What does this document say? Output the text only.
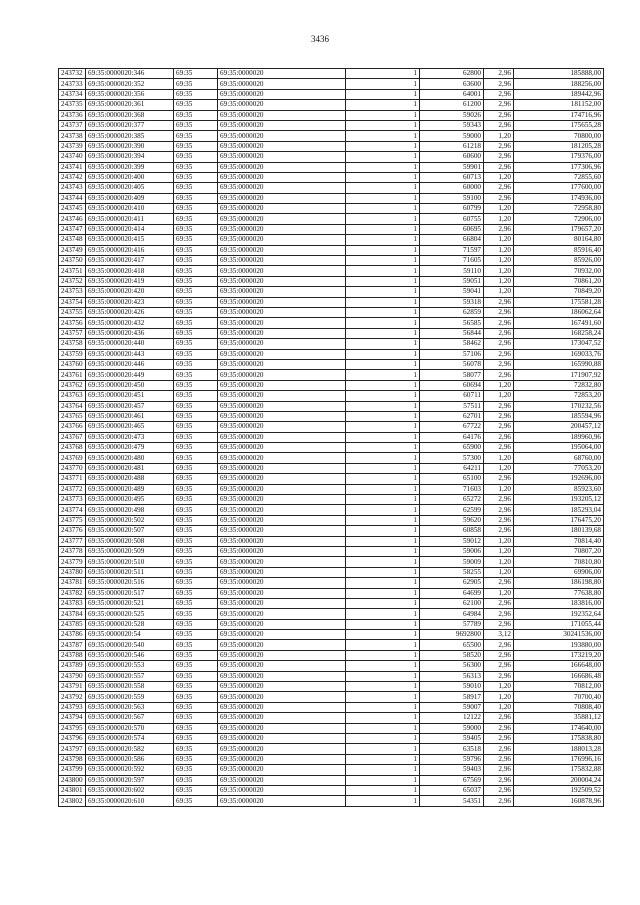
3436
243732	69:35:0000020:346	69:35	69:35:0000020	1	62800	2,96	185888,00
243733	69:35:0000020:352	69:35	69:35:0000020	1	63600	2,96	188256,00
243734	69:35:0000020:356	69:35	69:35:0000020	1	64001	2,96	189442,96
243735	69:35:0000020:361	69:35	69:35:0000020	1	61200	2,96	181152,00
243736	69:35:0000020:368	69:35	69:35:0000020	1	59026	2,96	174716,96
243737	69:35:0000020:377	69:35	69:35:0000020	1	59343	2,96	175655,28
243738	69:35:0000020:385	69:35	69:35:0000020	1	59000	1,20	70800,00
243739	69:35:0000020:390	69:35	69:35:0000020	1	61218	2,96	181205,28
243740	69:35:0000020:394	69:35	69:35:0000020	1	60600	2,96	179376,00
243741	69:35:0000020:399	69:35	69:35:0000020	1	59901	2,96	177306,96
243742	69:35:0000020:400	69:35	69:35:0000020	1	60713	1,20	72855,60
243743	69:35:0000020:405	69:35	69:35:0000020	1	60000	2,96	177600,00
243744	69:35:0000020:409	69:35	69:35:0000020	1	59100	2,96	174936,00
243745	69:35:0000020:410	69:35	69:35:0000020	1	60799	1,20	72958,80
243746	69:35:0000020:411	69:35	69:35:0000020	1	60755	1,20	72906,00
243747	69:35:0000020:414	69:35	69:35:0000020	1	60695	2,96	179657,20
243748	69:35:0000020:415	69:35	69:35:0000020	1	66804	1,20	80164,80
243749	69:35:0000020:416	69:35	69:35:0000020	1	71597	1,20	85916,40
243750	69:35:0000020:417	69:35	69:35:0000020	1	71605	1,20	85926,00
243751	69:35:0000020:418	69:35	69:35:0000020	1	59110	1,20	70932,00
243752	69:35:0000020:419	69:35	69:35:0000020	1	59051	1,20	70861,20
243753	69:35:0000020:420	69:35	69:35:0000020	1	59041	1,20	70849,20
243754	69:35:0000020:423	69:35	69:35:0000020	1	59318	2,96	175581,28
243755	69:35:0000020:426	69:35	69:35:0000020	1	62859	2,96	186062,64
243756	69:35:0000020:432	69:35	69:35:0000020	1	56585	2,96	167491,60
243757	69:35:0000020:436	69:35	69:35:0000020	1	56844	2,96	168258,24
243758	69:35:0000020:440	69:35	69:35:0000020	1	58462	2,96	173047,52
243759	69:35:0000020:443	69:35	69:35:0000020	1	57106	2,96	169033,76
243760	69:35:0000020:446	69:35	69:35:0000020	1	56078	2,96	165990,88
243761	69:35:0000020:449	69:35	69:35:0000020	1	58077	2,96	171907,92
243762	69:35:0000020:450	69:35	69:35:0000020	1	60694	1,20	72832,80
243763	69:35:0000020:451	69:35	69:35:0000020	1	60711	1,20	72853,20
243764	69:35:0000020:457	69:35	69:35:0000020	1	57511	2,96	170232,56
243765	69:35:0000020:461	69:35	69:35:0000020	1	62701	2,96	185594,96
243766	69:35:0000020:465	69:35	69:35:0000020	1	67722	2,96	200457,12
243767	69:35:0000020:473	69:35	69:35:0000020	1	64176	2,96	189960,96
243768	69:35:0000020:479	69:35	69:35:0000020	1	65900	2,96	195064,00
243769	69:35:0000020:480	69:35	69:35:0000020	1	57300	1,20	68760,00
243770	69:35:0000020:481	69:35	69:35:0000020	1	64211	1,20	77053,20
243771	69:35:0000020:488	69:35	69:35:0000020	1	65100	2,96	192696,00
243772	69:35:0000020:489	69:35	69:35:0000020	1	71603	1,20	85923,60
243773	69:35:0000020:495	69:35	69:35:0000020	1	65272	2,96	193205,12
243774	69:35:0000020:498	69:35	69:35:0000020	1	62599	2,96	185293,04
243775	69:35:0000020:502	69:35	69:35:0000020	1	59620	2,96	176475,20
243776	69:35:0000020:507	69:35	69:35:0000020	1	60858	2,96	180139,68
243777	69:35:0000020:508	69:35	69:35:0000020	1	59012	1,20	70814,40
243778	69:35:0000020:509	69:35	69:35:0000020	1	59006	1,20	70807,20
243779	69:35:0000020:510	69:35	69:35:0000020	1	59009	1,20	70810,80
243780	69:35:0000020:511	69:35	69:35:0000020	1	58255	1,20	69906,00
243781	69:35:0000020:516	69:35	69:35:0000020	1	62905	2,96	186198,80
243782	69:35:0000020:517	69:35	69:35:0000020	1	64699	1,20	77638,80
243783	69:35:0000020:521	69:35	69:35:0000020	1	62100	2,96	183816,00
243784	69:35:0000020:525	69:35	69:35:0000020	1	64984	2,96	192352,64
243785	69:35:0000020:528	69:35	69:35:0000020	1	57789	2,96	171055,44
243786	69:35:0000020:54	69:35	69:35:0000020	1	9692800	3,12	30241536,00
243787	69:35:0000020:540	69:35	69:35:0000020	1	65500	2,96	193880,00
243788	69:35:0000020:546	69:35	69:35:0000020	1	58520	2,96	173219,20
243789	69:35:0000020:553	69:35	69:35:0000020	1	56300	2,96	166648,00
243790	69:35:0000020:557	69:35	69:35:0000020	1	56313	2,96	166686,48
243791	69:35:0000020:558	69:35	69:35:0000020	1	59010	1,20	70812,00
243792	69:35:0000020:559	69:35	69:35:0000020	1	58917	1,20	70700,40
243793	69:35:0000020:563	69:35	69:35:0000020	1	59007	1,20	70808,40
243794	69:35:0000020:567	69:35	69:35:0000020	1	12122	2,96	35881,12
243795	69:35:0000020:570	69:35	69:35:0000020	1	59000	2,96	174640,00
243796	69:35:0000020:574	69:35	69:35:0000020	1	59405	2,96	175838,80
243797	69:35:0000020:582	69:35	69:35:0000020	1	63518	2,96	188013,28
243798	69:35:0000020:586	69:35	69:35:0000020	1	59796	2,96	176996,16
243799	69:35:0000020:592	69:35	69:35:0000020	1	59403	2,96	175832,88
243800	69:35:0000020:597	69:35	69:35:0000020	1	67569	2,96	200004,24
243801	69:35:0000020:602	69:35	69:35:0000020	1	65037	2,96	192509,52
243802	69:35:0000020:610	69:35	69:35:0000020	1	54351	2,96	160878,96
